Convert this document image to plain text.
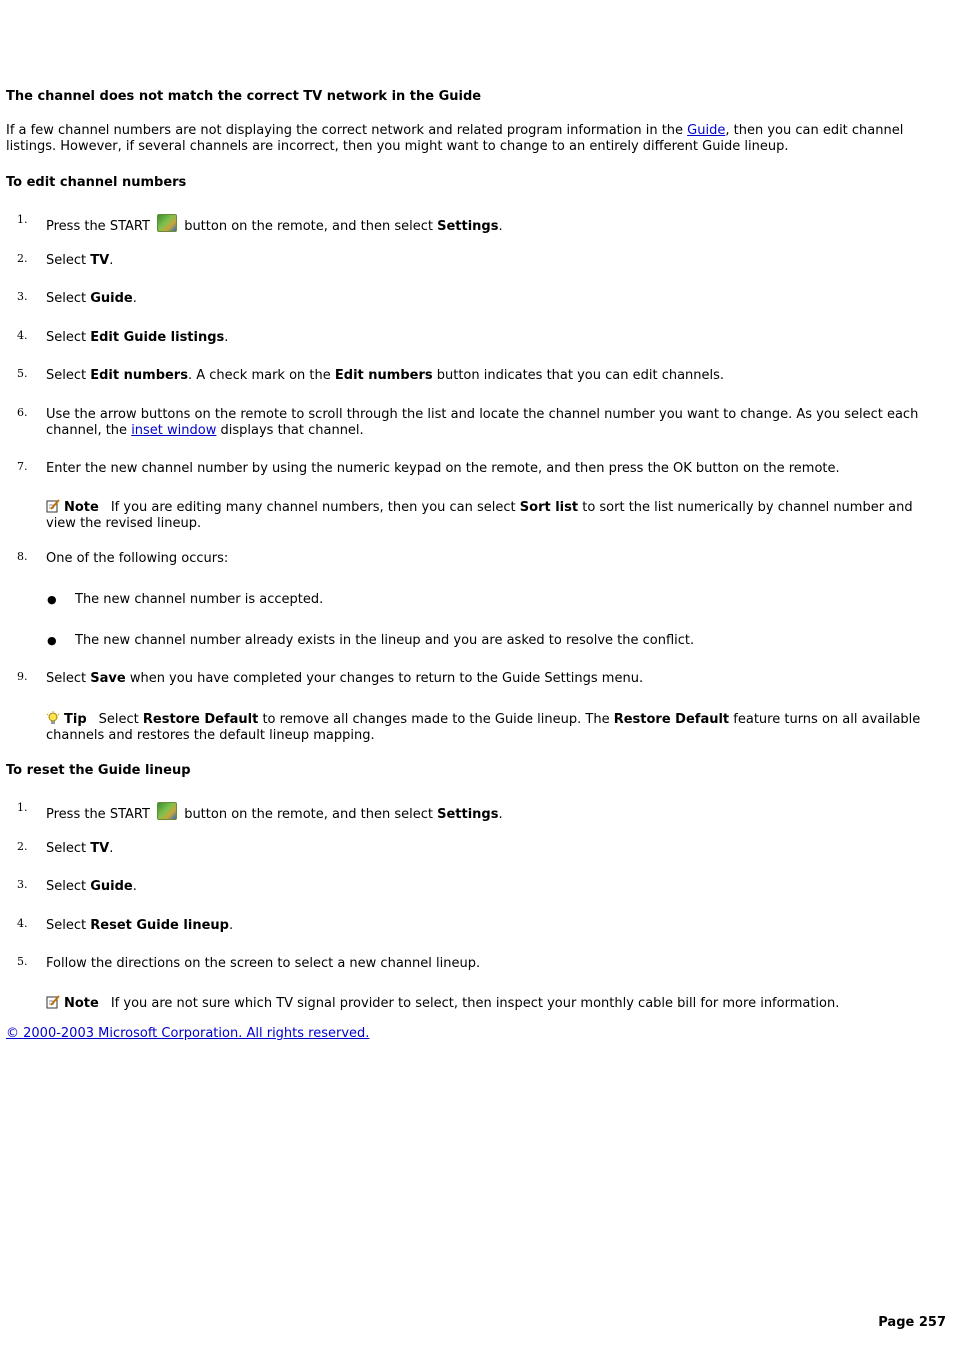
The channel does not match the correct TV network in the Guide
If a few channel numbers are not displaying the correct network and related program information in the Guide, then you can edit channel listings. However, if several channels are incorrect, then you might want to change to an entirely different Guide lineup.
To edit channel numbers
1. Press the START  button on the remote, and then select Settings.
2. Select TV.
3. Select Guide.
4. Select Edit Guide listings.
5. Select Edit numbers. A check mark on the Edit numbers button indicates that you can edit channels.
6. Use the arrow buttons on the remote to scroll through the list and locate the channel number you want to change. As you select each channel, the inset window displays that channel.
7. Enter the new channel number by using the numeric keypad on the remote, and then press the OK button on the remote.
Note If you are editing many channel numbers, then you can select Sort list to sort the list numerically by channel number and view the revised lineup.
8. One of the following occurs:
● The new channel number is accepted.
● The new channel number already exists in the lineup and you are asked to resolve the conflict.
9. Select Save when you have completed your changes to return to the Guide Settings menu.
Tip Select Restore Default to remove all changes made to the Guide lineup. The Restore Default feature turns on all available channels and restores the default lineup mapping.
To reset the Guide lineup
1. Press the START  button on the remote, and then select Settings.
2. Select TV.
3. Select Guide.
4. Select Reset Guide lineup.
5. Follow the directions on the screen to select a new channel lineup.
Note If you are not sure which TV signal provider to select, then inspect your monthly cable bill for more information.
© 2000-2003 Microsoft Corporation. All rights reserved.
Page 257
